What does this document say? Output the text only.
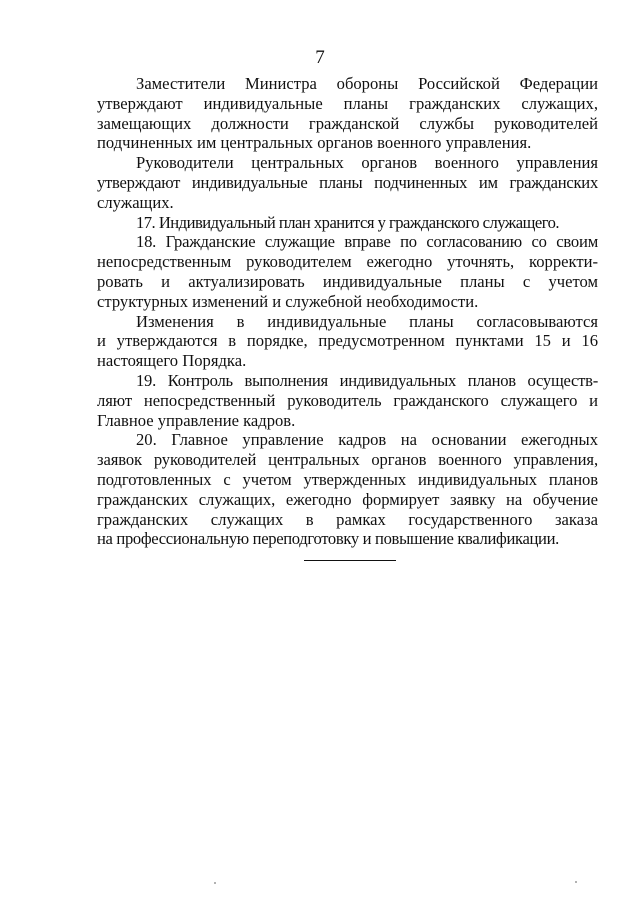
7

Заместители Министра обороны Российской Федерации
утверждают индивидуальные планы гражданских служащих,
замещающих должности гражданской службы руководителей
подчиненных им центральных органов военного управления.

Руководители центральных органов военного управления
утверждают индивидуальные планы подчиненных им гражданских
служащих.

17. Индивидуальный план хранится у гражданского служащего.

18. Гражданские служащие вправе по согласованию со своим
непосредственным руководителем ежегодно уточнять, корректи-
ровать и актуализировать индивидуальные планы с учетом
структурных изменений и служебной необходимости.

Изменения в индивидуальные планы согласовываются
и утверждаются в порядке, предусмотренном пунктами 15 и 16
настоящего Порядка.

19. Контроль выполнения индивидуальных планов осуществ-
ляют непосредственный руководитель гражданского служащего и
Главное управление кадров.

20. Главное управление кадров на основании ежегодных
заявок руководителей центральных органов военного управления,
подготовленных с учетом утвержденных индивидуальных планов
гражданских служащих, ежегодно формирует заявку на обучение
гражданских служащих в рамках государственного заказа
на профессиональную переподготовку и повышение квалификации.
